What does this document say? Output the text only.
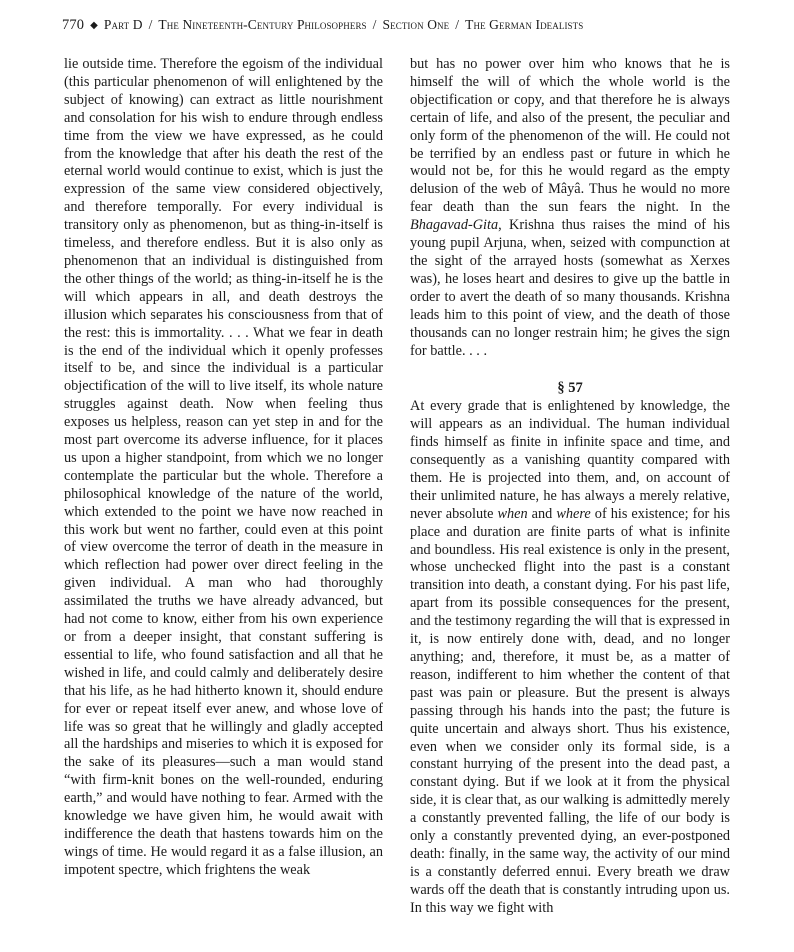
770 ◆ Part D / The Nineteenth-Century Philosophers / Section One / The German Idealists

lie outside time. Therefore the egoism of the individual (this particular phenomenon of will enlightened by the subject of knowing) can extract as little nourishment and consolation for his wish to endure through endless time from the view we have expressed, as he could from the knowledge that after his death the rest of the eternal world would continue to exist, which is just the expression of the same view considered objectively, and therefore temporally. For every individual is transitory only as phenomenon, but as thing-in-itself is timeless, and therefore endless. But it is also only as phenomenon that an individual is distinguished from the other things of the world; as thing-in-itself he is the will which appears in all, and death destroys the illusion which separates his consciousness from that of the rest: this is immortality. . . . What we fear in death is the end of the individual which it openly professes itself to be, and since the individual is a particular objectification of the will to live itself, its whole nature struggles against death. Now when feeling thus exposes us helpless, reason can yet step in and for the most part overcome its adverse influence, for it places us upon a higher standpoint, from which we no longer contemplate the particular but the whole. Therefore a philosophical knowledge of the nature of the world, which extended to the point we have now reached in this work but went no farther, could even at this point of view overcome the terror of death in the measure in which reflection had power over direct feeling in the given individual. A man who had thoroughly assimilated the truths we have already advanced, but had not come to know, either from his own experience or from a deeper insight, that constant suffering is essential to life, who found satisfaction and all that he wished in life, and could calmly and deliberately desire that his life, as he had hitherto known it, should endure for ever or repeat itself ever anew, and whose love of life was so great that he willingly and gladly accepted all the hardships and miseries to which it is exposed for the sake of its pleasures—such a man would stand “with firm-knit bones on the well-rounded, enduring earth,” and would have nothing to fear. Armed with the knowledge we have given him, he would await with indifference the death that hastens towards him on the wings of time. He would regard it as a false illusion, an impotent spectre, which frightens the weak

but has no power over him who knows that he is himself the will of which the whole world is the objectification or copy, and that therefore he is always certain of life, and also of the present, the peculiar and only form of the phenomenon of the will. He could not be terrified by an endless past or future in which he would not be, for this he would regard as the empty delusion of the web of Mâyâ. Thus he would no more fear death than the sun fears the night. In the Bhagavad-Gita, Krishna thus raises the mind of his young pupil Arjuna, when, seized with compunction at the sight of the arrayed hosts (somewhat as Xerxes was), he loses heart and desires to give up the battle in order to avert the death of so many thousands. Krishna leads him to this point of view, and the death of those thousands can no longer restrain him; he gives the sign for battle. . . .

§ 57

At every grade that is enlightened by knowledge, the will appears as an individual. The human individual finds himself as finite in infinite space and time, and consequently as a vanishing quantity compared with them. He is projected into them, and, on account of their unlimited nature, he has always a merely relative, never absolute when and where of his existence; for his place and duration are finite parts of what is infinite and boundless. His real existence is only in the present, whose unchecked flight into the past is a constant transition into death, a constant dying. For his past life, apart from its possible consequences for the present, and the testimony regarding the will that is expressed in it, is now entirely done with, dead, and no longer anything; and, therefore, it must be, as a matter of reason, indifferent to him whether the content of that past was pain or pleasure. But the present is always passing through his hands into the past; the future is quite uncertain and always short. Thus his existence, even when we consider only its formal side, is a constant hurrying of the present into the dead past, a constant dying. But if we look at it from the physical side, it is clear that, as our walking is admittedly merely a constantly prevented falling, the life of our body is only a constantly prevented dying, an ever-postponed death: finally, in the same way, the activity of our mind is a constantly deferred ennui. Every breath we draw wards off the death that is constantly intruding upon us. In this way we fight with
